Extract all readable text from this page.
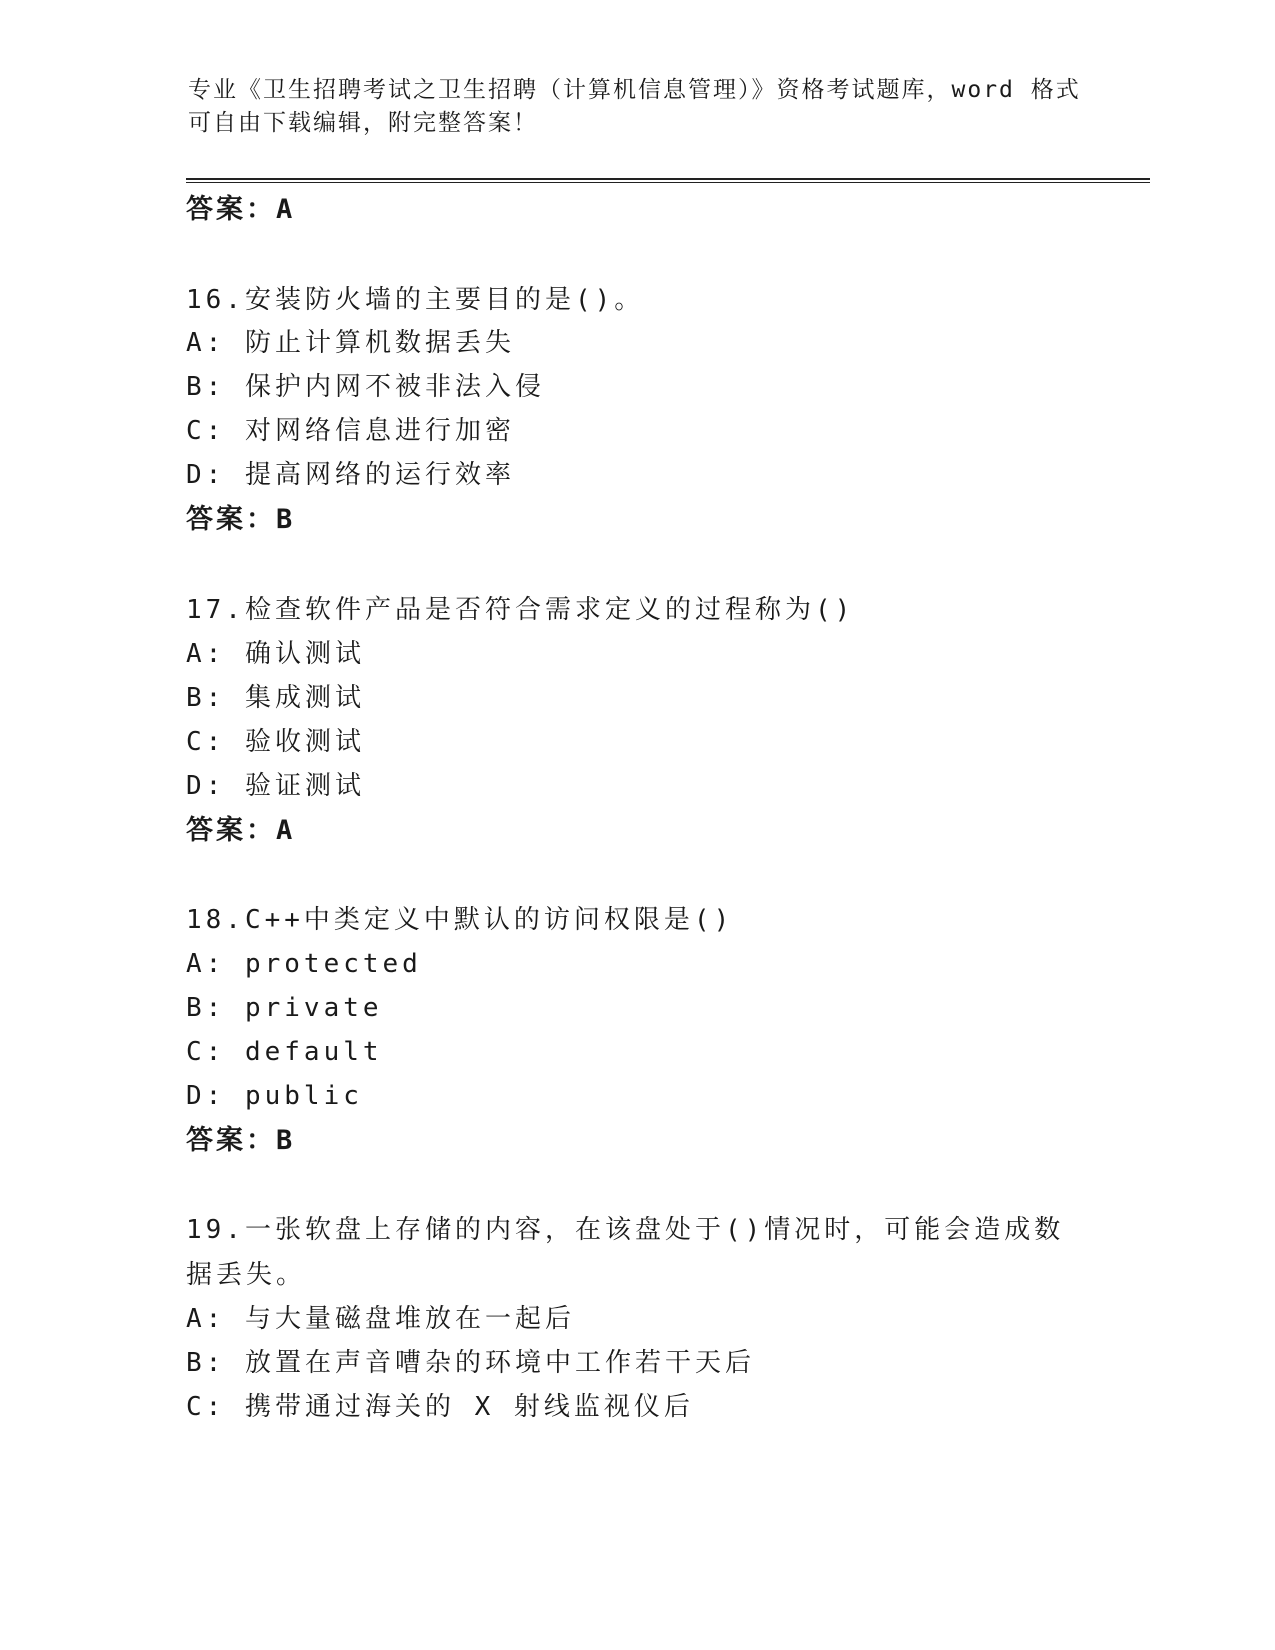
专业《卫生招聘考试之卫生招聘（计算机信息管理）》资格考试题库，word 格式可自由下载编辑，附完整答案！
答案：A
16.安装防火墙的主要目的是()。
A: 防止计算机数据丢失
B: 保护内网不被非法入侵
C: 对网络信息进行加密
D: 提高网络的运行效率
答案：B
17.检查软件产品是否符合需求定义的过程称为()
A: 确认测试
B: 集成测试
C: 验收测试
D: 验证测试
答案：A
18.C++中类定义中默认的访问权限是()
A: protected
B: private
C: default
D: public
答案：B
19.一张软盘上存储的内容，在该盘处于()情况时，可能会造成数据丢失。
A: 与大量磁盘堆放在一起后
B: 放置在声音嘈杂的环境中工作若干天后
C: 携带通过海关的 X 射线监视仪后
